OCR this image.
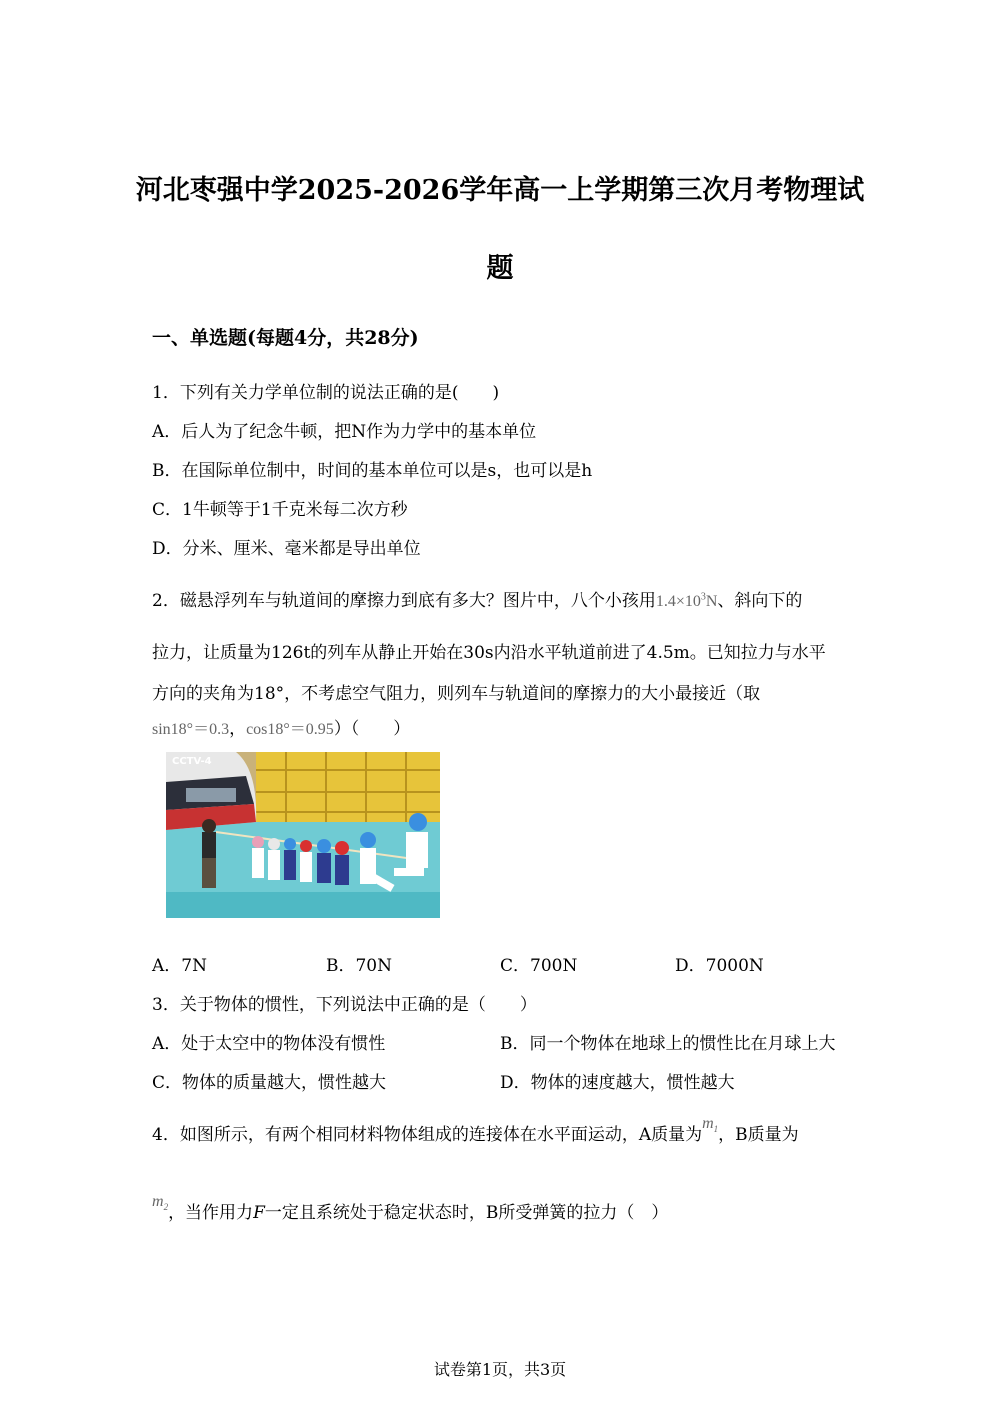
河北枣强中学2025-2026学年高一上学期第三次月考物理试
题
一、单选题(每题4分，共28分)
1．下列有关力学单位制的说法正确的是(　　)
A．后人为了纪念牛顿，把N作为力学中的基本单位
B．在国际单位制中，时间的基本单位可以是s，也可以是h
C．1牛顿等于1千克米每二次方秒
D．分米、厘米、毫米都是导出单位
2．磁悬浮列车与轨道间的摩擦力到底有多大？图片中，八个小孩用$1.4\times 10^3N$、斜向下的
拉力，让质量为126t的列车从静止开始在30s内沿水平轨道前进了4.5m。已知拉力与水平
方向的夹角为18°，不考虑空气阻力，则列车与轨道间的摩擦力的大小最接近（取
sin18°＝0.3，cos18°＝0.95）（　　）
CCTV-4
A．7N	B．70N	C．700N	D．7000N
3．关于物体的惯性，下列说法中正确的是（　　）
A．处于太空中的物体没有惯性	B．同一个物体在地球上的惯性比在月球上大
C．物体的质量越大，惯性越大	D．物体的速度越大，惯性越大
4．如图所示，有两个相同材料物体组成的连接体在水平面运动，A质量为$m_1$，B质量为
$m_2$，当作用力F一定且系统处于稳定状态时，B所受弹簧的拉力（　）
试卷第1页，共3页
